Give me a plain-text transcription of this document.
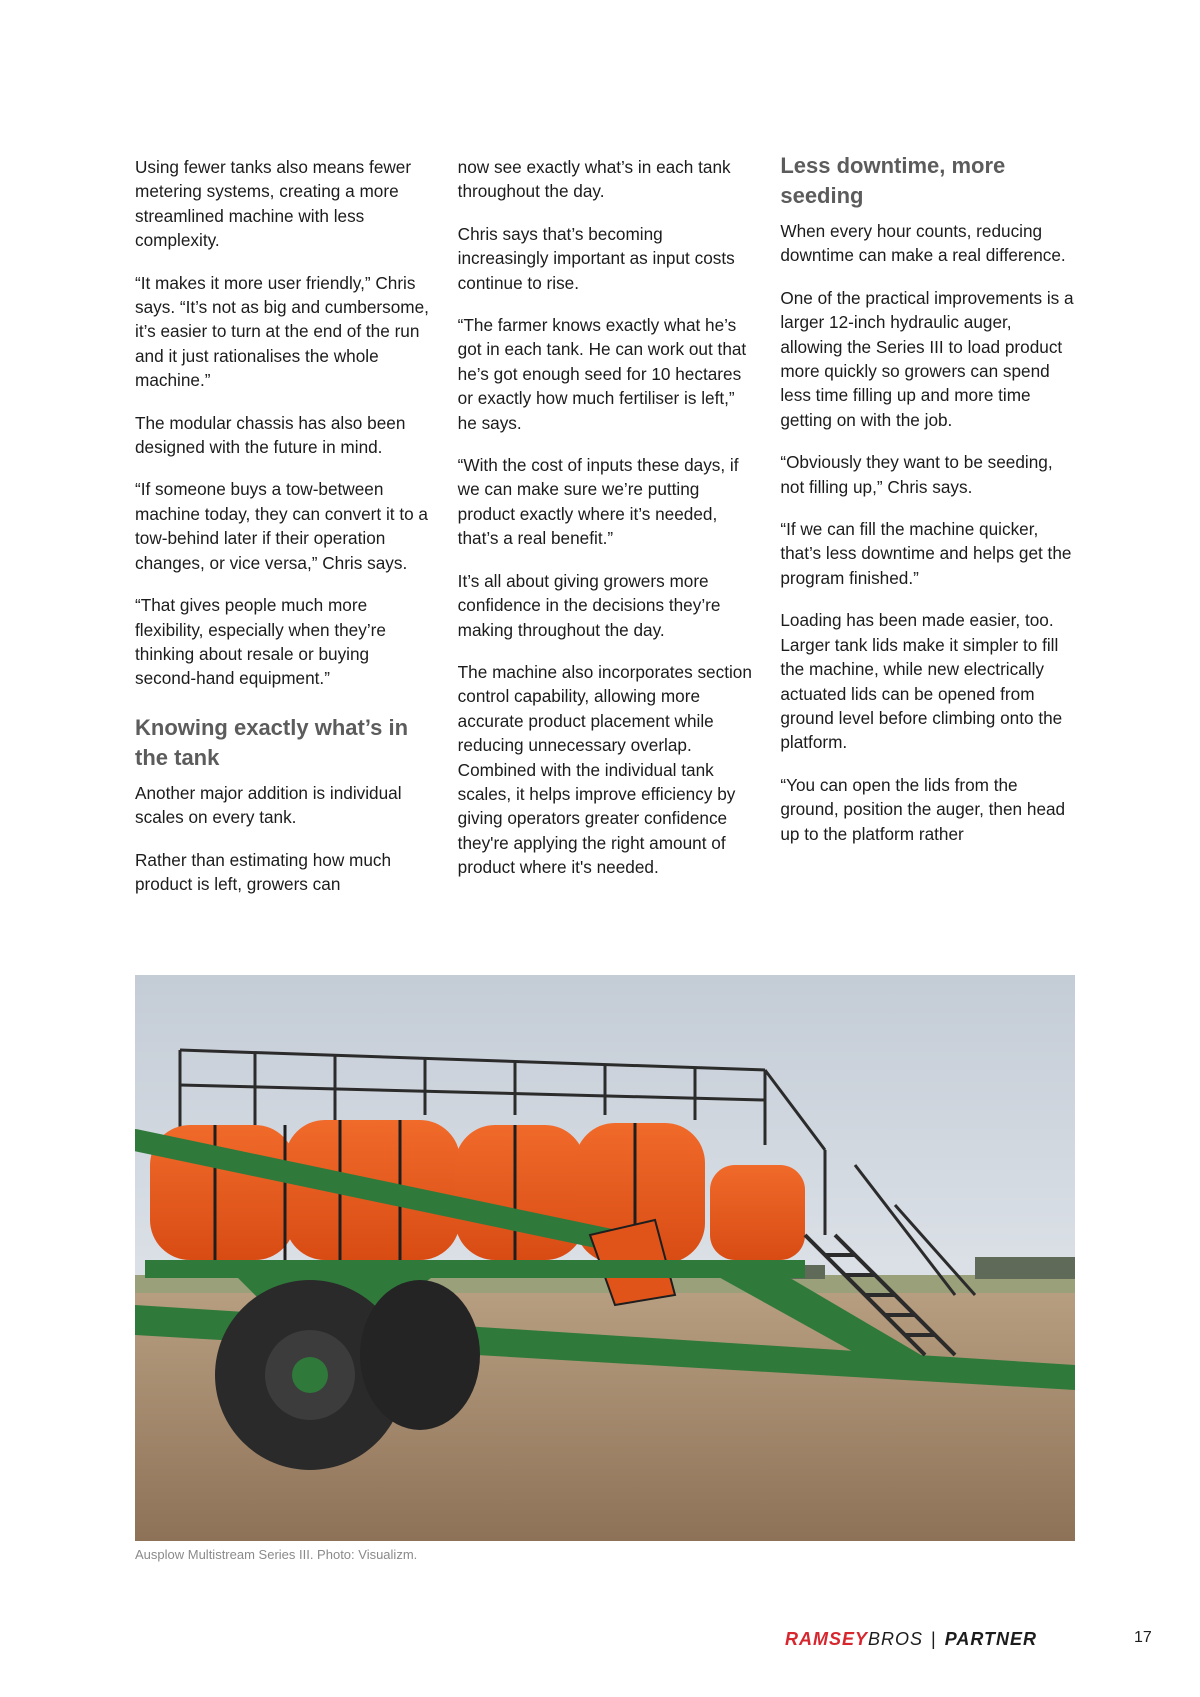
Using fewer tanks also means fewer metering systems, creating a more streamlined machine with less complexity.

“It makes it more user friendly,” Chris says. “It’s not as big and cumbersome, it’s easier to turn at the end of the run and it just rationalises the whole machine.”

The modular chassis has also been designed with the future in mind.

“If someone buys a tow-between machine today, they can convert it to a tow-behind later if their operation changes, or vice versa,” Chris says.

“That gives people much more flexibility, especially when they’re thinking about resale or buying second-hand equipment.”

Knowing exactly what’s in the tank

Another major addition is individual scales on every tank.

Rather than estimating how much product is left, growers can

now see exactly what’s in each tank throughout the day.

Chris says that’s becoming increasingly important as input costs continue to rise.

“The farmer knows exactly what he’s got in each tank. He can work out that he’s got enough seed for 10 hectares or exactly how much fertiliser is left,” he says.

“With the cost of inputs these days, if we can make sure we’re putting product exactly where it’s needed, that’s a real benefit.”

It’s all about giving growers more confidence in the decisions they’re making throughout the day.

The machine also incorporates section control capability, allowing more accurate product placement while reducing unnecessary overlap. Combined with the individual tank scales, it helps improve efficiency by giving operators greater confidence they're applying the right amount of product where it's needed.

Less downtime, more seeding

When every hour counts, reducing downtime can make a real difference.

One of the practical improvements is a larger 12-inch hydraulic auger, allowing the Series III to load product more quickly so growers can spend less time filling up and more time getting on with the job.

“Obviously they want to be seeding, not filling up,” Chris says.

“If we can fill the machine quicker, that’s less downtime and helps get the program finished.”

Loading has been made easier, too. Larger tank lids make it simpler to fill the machine, while new electrically actuated lids can be opened from ground level before climbing onto the platform.

“You can open the lids from the ground, position the auger, then head up to the platform rather

Ausplow Multistream Series III. Photo: Visualizm.
RAMSEYBROS | PARTNER	17
